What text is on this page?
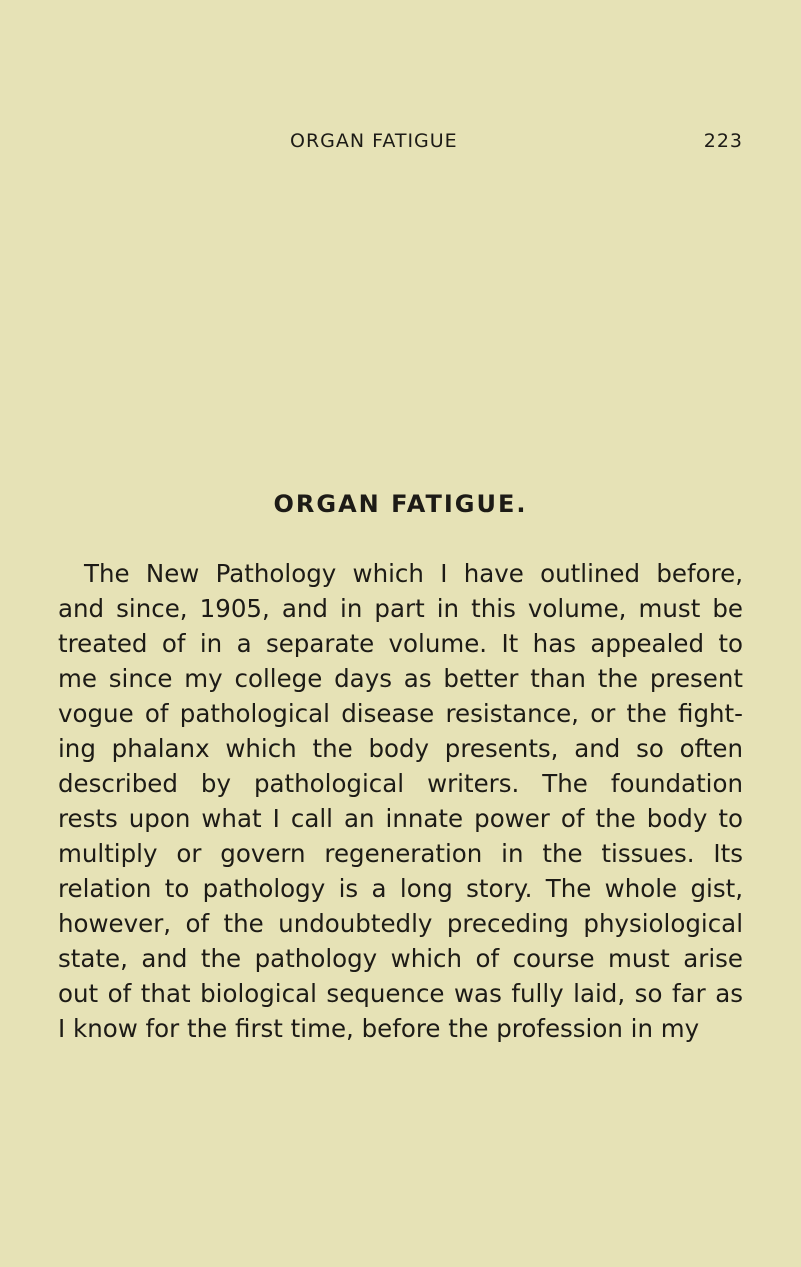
ORGAN FATIGUE	223
ORGAN FATIGUE.
The New Pathology which I have outlined before,
and since, 1905, and in part in this volume, must be
treated of in a separate volume. It has appealed to
me since my college days as better than the present
vogue of pathological disease resistance, or the fight-
ing phalanx which the body presents, and so often
described by pathological writers. The foundation
rests upon what I call an innate power of the body to
multiply or govern regeneration in the tissues. Its
relation to pathology is a long story. The whole gist,
however, of the undoubtedly preceding physiological
state, and the pathology which of course must arise
out of that biological sequence was fully laid, so far as
I know for the first time, before the profession in my
